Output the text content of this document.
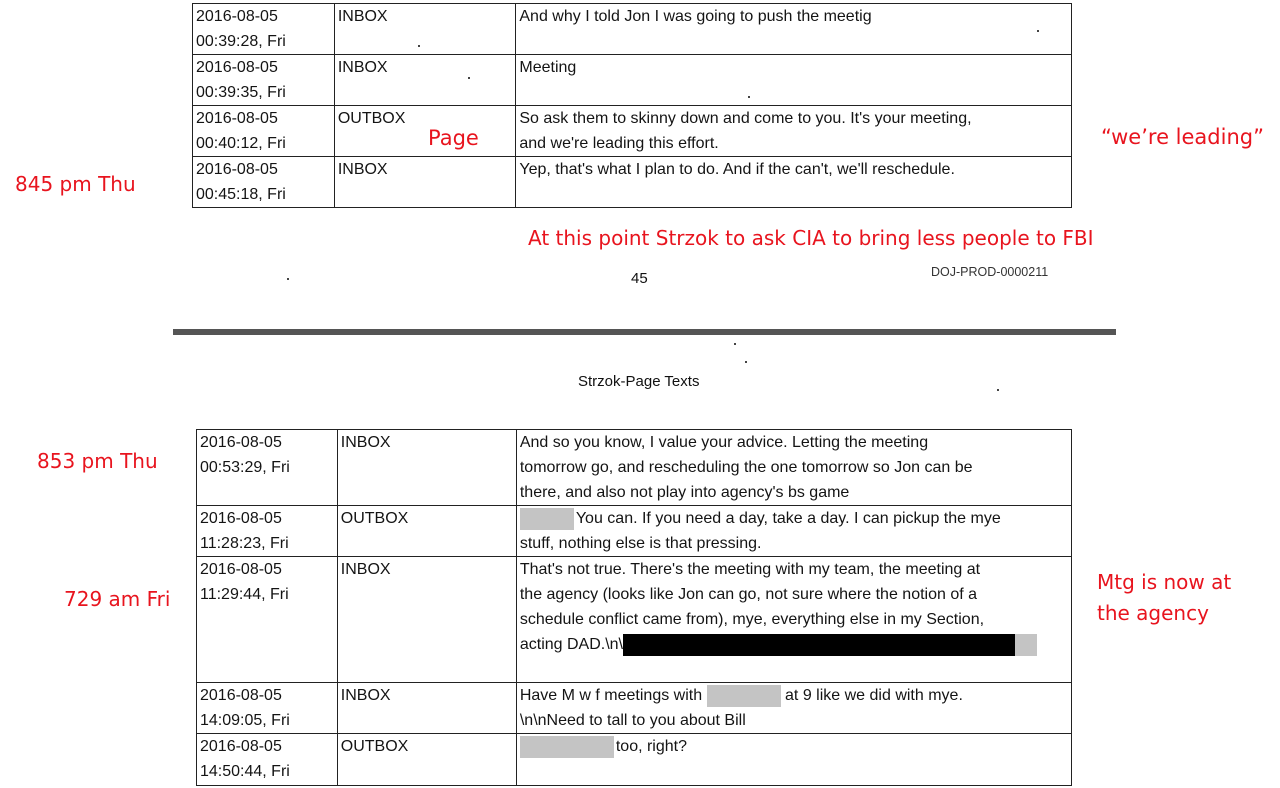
2016-08-05
00:39:28, Fri	INBOX	And why I told Jon I was going to push the meetig

2016-08-05
00:39:35, Fri	INBOX	Meeting

2016-08-05
00:40:12, Fri	OUTBOX	So ask them to skinny down and come to you. It's your meeting,
and we're leading this effort.

2016-08-05
00:45:18, Fri	INBOX	Yep, that's what I plan to do. And if the can't, we'll reschedule.
45	DOJ-PROD-0000211
Strzok-Page Texts
2016-08-05
00:53:29, Fri	INBOX	And so you know, I value your advice. Letting the meeting
tomorrow go, and rescheduling the one tomorrow so Jon can be
there, and also not play into agency's bs game

2016-08-05
11:28:23, Fri	OUTBOX	You can. If you need a day, take a day. I can pickup the mye
stuff, nothing else is that pressing.

2016-08-05
11:29:44, Fri	INBOX	That's not true. There's the meeting with my team, the meeting at
the agency (looks like Jon can go, not sure where the notion of a
schedule conflict came from), mye, everything else in my Section,
acting DAD.\n\

2016-08-05
14:09:05, Fri	INBOX	Have M w f meetings with at 9 like we did with mye.
\n\nNeed to tall to you about Bill

2016-08-05
14:50:44, Fri	OUTBOX	too, right?
Page	“we’re leading”
845 pm Thu
At this point Strzok to ask CIA to bring less people to FBI
853 pm Thu
729 am Fri
Mtg is now at
the agency
